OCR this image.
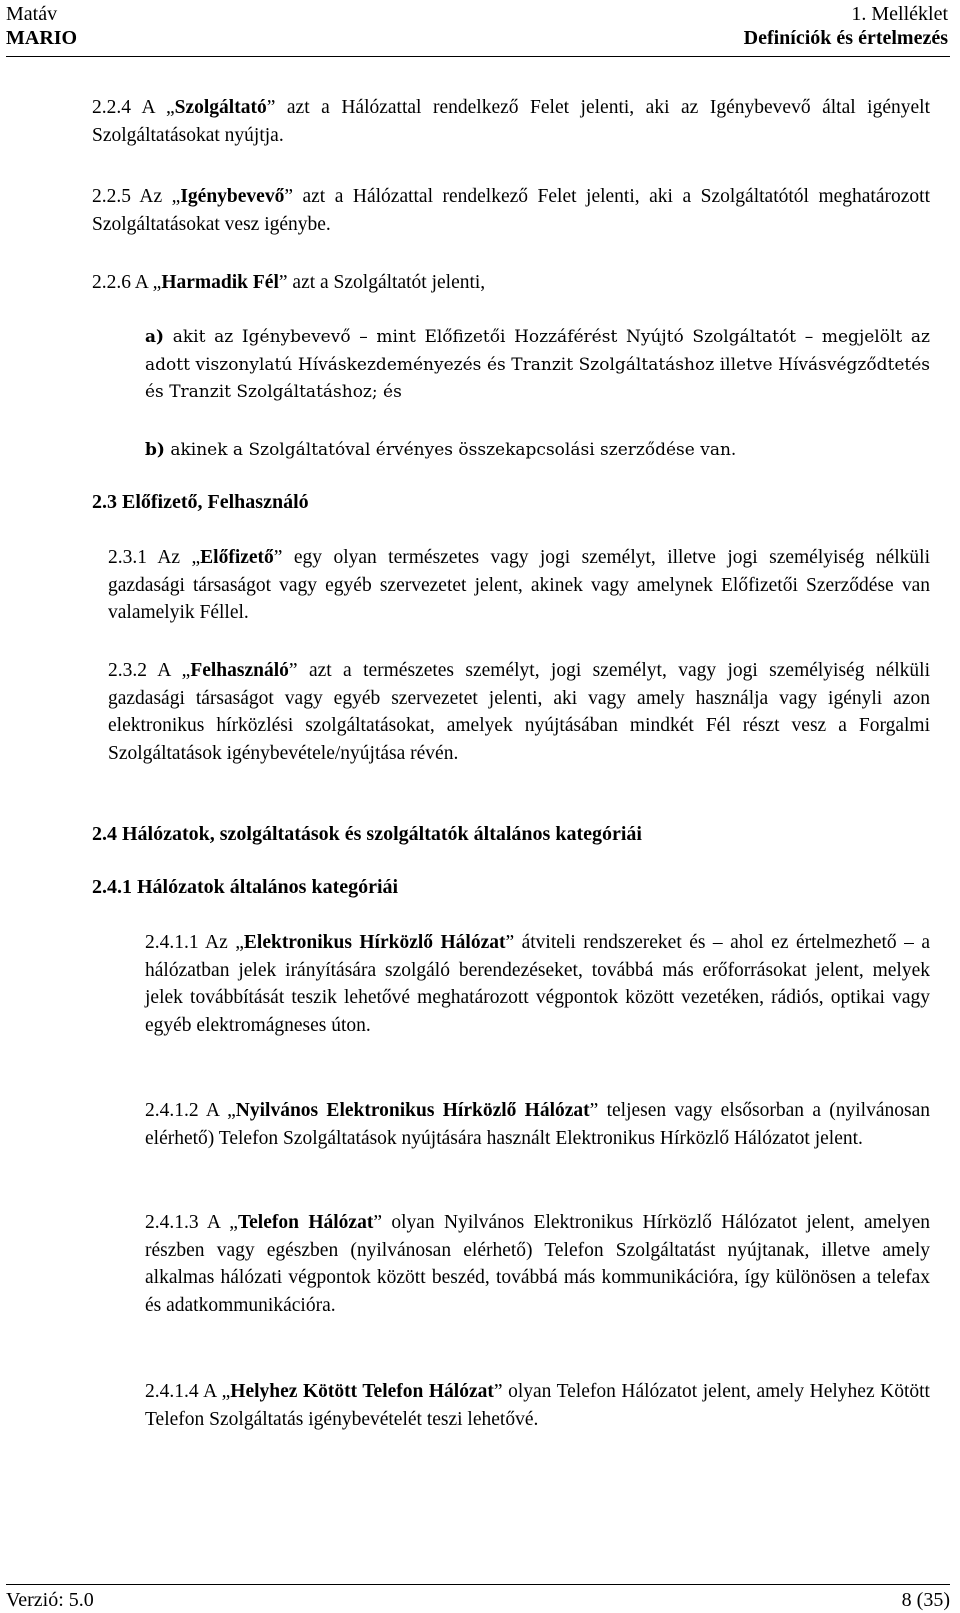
Matáv
MARIO
1. Melléklet
Definíciók és értelmezés

2.2.4 A „Szolgáltató” azt a Hálózattal rendelkező Felet jelenti, aki az Igénybevevő által igényelt Szolgáltatásokat nyújtja.

2.2.5 Az „Igénybevevő” azt a Hálózattal rendelkező Felet jelenti, aki a Szolgáltatótól meghatározott Szolgáltatásokat vesz igénybe.

2.2.6 A „Harmadik Fél” azt a Szolgáltatót jelenti,

a) akit az Igénybevevő – mint Előfizetői Hozzáférést Nyújtó Szolgáltatót – megjelölt az adott viszonylatú Híváskezdeményezés és Tranzit Szolgáltatáshoz illetve Hívásvégződtetés és Tranzit Szolgáltatáshoz; és

b) akinek a Szolgáltatóval érvényes összekapcsolási szerződése van.

2.3 Előfizető, Felhasználó

2.3.1 Az „Előfizető” egy olyan természetes vagy jogi személyt, illetve jogi személyiség nélküli gazdasági társaságot vagy egyéb szervezetet jelent, akinek vagy amelynek Előfizetői Szerződése van valamelyik Féllel.

2.3.2 A „Felhasználó” azt a természetes személyt, jogi személyt, vagy jogi személyiség nélküli gazdasági társaságot vagy egyéb szervezetet jelenti, aki vagy amely használja vagy igényli azon elektronikus hírközlési szolgáltatásokat, amelyek nyújtásában mindkét Fél részt vesz a Forgalmi Szolgáltatások igénybevétele/nyújtása révén.

2.4 Hálózatok, szolgáltatások és szolgáltatók általános kategóriái
2.4.1 Hálózatok általános kategóriái

2.4.1.1 Az „Elektronikus Hírközlő Hálózat” átviteli rendszereket és – ahol ez értelmezhető – a hálózatban jelek irányítására szolgáló berendezéseket, továbbá más erőforrásokat jelent, melyek jelek továbbítását teszik lehetővé meghatározott végpontok között vezetéken, rádiós, optikai vagy egyéb elektromágneses úton.

2.4.1.2 A „Nyilvános Elektronikus Hírközlő Hálózat” teljesen vagy elsősorban a (nyilvánosan elérhető) Telefon Szolgáltatások nyújtására használt Elektronikus Hírközlő Hálózatot jelent.

2.4.1.3 A „Telefon Hálózat” olyan Nyilvános Elektronikus Hírközlő Hálózatot jelent, amelyen részben vagy egészben (nyilvánosan elérhető) Telefon Szolgáltatást nyújtanak, illetve amely alkalmas hálózati végpontok között beszéd, továbbá más kommunikációra, így különösen a telefax és adatkommunikációra.

2.4.1.4 A „Helyhez Kötött Telefon Hálózat” olyan Telefon Hálózatot jelent, amely Helyhez Kötött Telefon Szolgáltatás igénybevételét teszi lehetővé.

Verzió: 5.0	8 (35)
